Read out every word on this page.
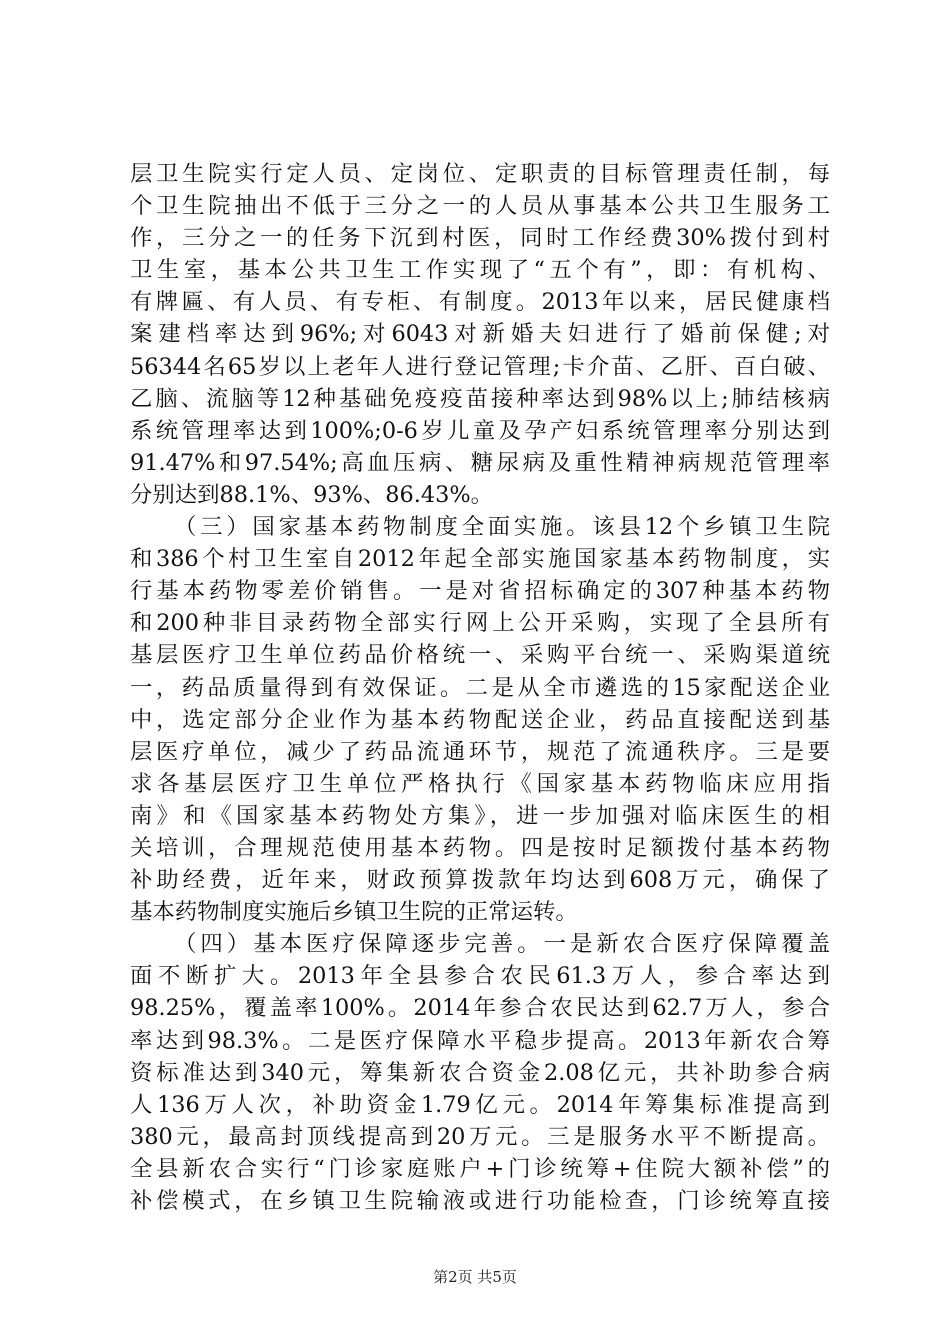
层卫生院实行定人员、定岗位、定职责的目标管理责任制，每
个卫生院抽出不低于三分之一的人员从事基本公共卫生服务工
作，三分之一的任务下沉到村医，同时工作经费30%拨付到村
卫生室，基本公共卫生工作实现了“五个有”，即：有机构、
有牌匾、有人员、有专柜、有制度。2013年以来，居民健康档
案建档率达到96%;对6043对新婚夫妇进行了婚前保健;对
56344名65岁以上老年人进行登记管理;卡介苗、乙肝、百白破、
乙脑、流脑等12种基础免疫疫苗接种率达到98%以上;肺结核病
系统管理率达到100%;0-6岁儿童及孕产妇系统管理率分别达到
91.47%和97.54%;高血压病、糖尿病及重性精神病规范管理率
分别达到88.1%、93%、86.43%。
（三）国家基本药物制度全面实施。该县12个乡镇卫生院
和386个村卫生室自2012年起全部实施国家基本药物制度，实
行基本药物零差价销售。一是对省招标确定的307种基本药物
和200种非目录药物全部实行网上公开采购，实现了全县所有
基层医疗卫生单位药品价格统一、采购平台统一、采购渠道统
一，药品质量得到有效保证。二是从全市遴选的15家配送企业
中，选定部分企业作为基本药物配送企业，药品直接配送到基
层医疗单位，减少了药品流通环节，规范了流通秩序。三是要
求各基层医疗卫生单位严格执行《国家基本药物临床应用指
南》和《国家基本药物处方集》，进一步加强对临床医生的相
关培训，合理规范使用基本药物。四是按时足额拨付基本药物
补助经费，近年来，财政预算拨款年均达到608万元，确保了
基本药物制度实施后乡镇卫生院的正常运转。
（四）基本医疗保障逐步完善。一是新农合医疗保障覆盖
面不断扩大。2013年全县参合农民61.3万人，参合率达到
98.25%，覆盖率100%。2014年参合农民达到62.7万人，参合
率达到98.3%。二是医疗保障水平稳步提高。2013年新农合筹
资标准达到340元，筹集新农合资金2.08亿元，共补助参合病
人136万人次，补助资金1.79亿元。2014年筹集标准提高到
380元，最高封顶线提高到20万元。三是服务水平不断提高。
全县新农合实行“门诊家庭账户+门诊统筹+住院大额补偿”的
补偿模式，在乡镇卫生院输液或进行功能检查，门诊统筹直接
第2页 共5页
